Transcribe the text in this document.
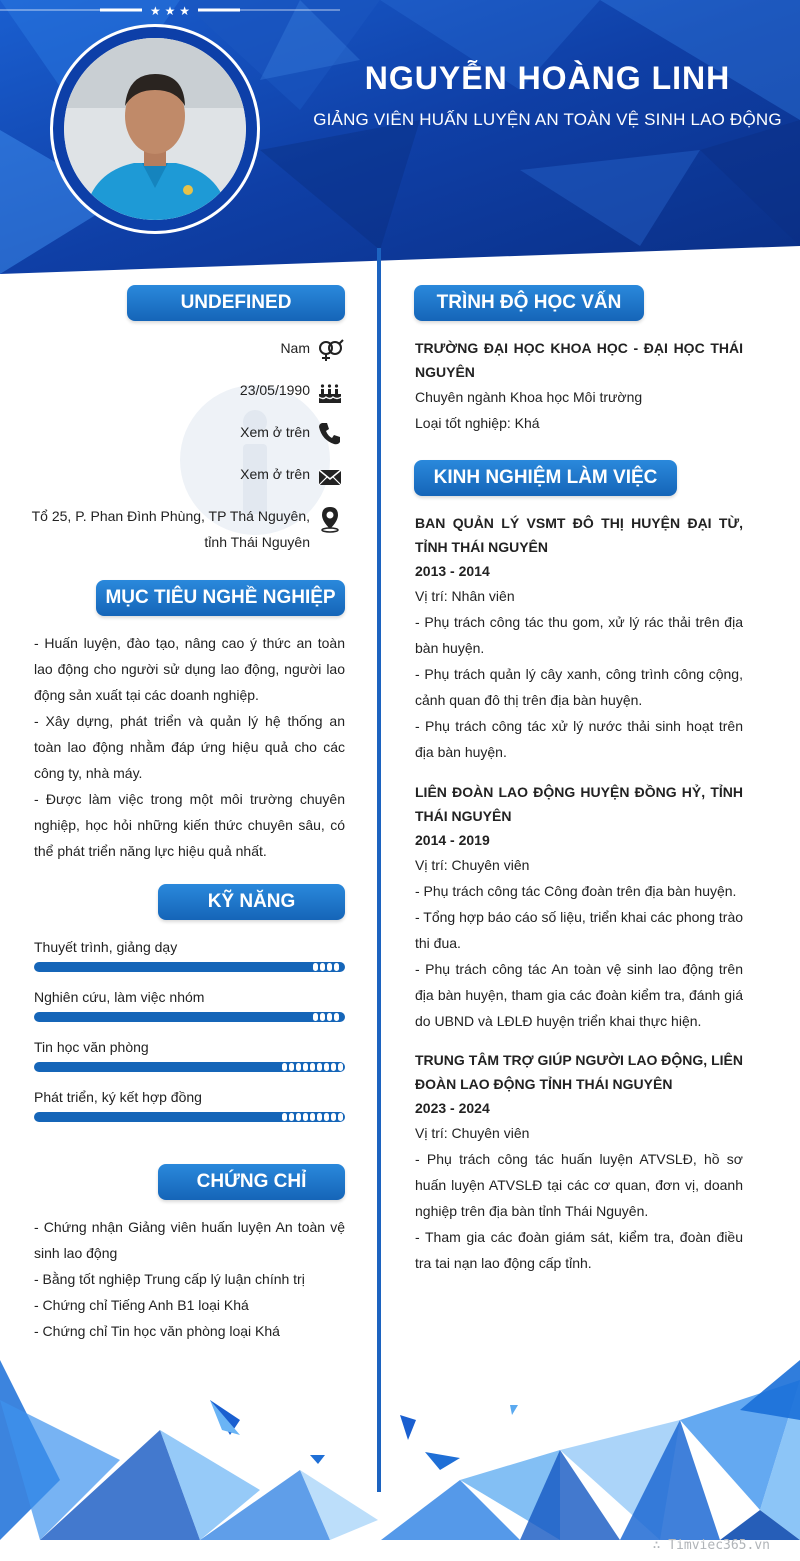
NGUYỄN HOÀNG LINH
GIẢNG VIÊN HUẤN LUYỆN AN TOÀN VỆ SINH LAO ĐỘNG
★ ★ ★
UNDEFINED
Nam
23/05/1990
Xem ở trên
Xem ở trên
Tổ 25, P. Phan Đình Phùng, TP Thá Nguyên,
tỉnh Thái Nguyên
MỤC TIÊU NGHỀ NGHIỆP
- Huấn luyện, đào tạo, nâng cao ý thức an toàn lao động cho người sử dụng lao động, người lao động sản xuất tại các doanh nghiệp.
- Xây dựng, phát triển và quản lý hệ thống an toàn lao động nhằm đáp ứng hiệu quả cho các công ty, nhà máy.
- Được làm việc trong một môi trường chuyên nghiệp, học hỏi những kiến thức chuyên sâu, có thể phát triển năng lực hiệu quả nhất.
KỸ NĂNG
Thuyết trình, giảng dạy
Nghiên cứu, làm việc nhóm
Tin học văn phòng
Phát triển, ký kết hợp đồng
CHỨNG CHỈ
- Chứng nhận Giảng viên huấn luyện An toàn vệ sinh lao động
- Bằng tốt nghiệp Trung cấp lý luận chính trị
- Chứng chỉ Tiếng Anh B1 loại Khá
- Chứng chỉ Tin học văn phòng loại Khá
TRÌNH ĐỘ HỌC VẤN
TRƯỜNG ĐẠI HỌC KHOA HỌC - ĐẠI HỌC THÁI NGUYÊN
Chuyên ngành Khoa học Môi trường
Loại tốt nghiệp: Khá
KINH NGHIỆM LÀM VIỆC
BAN QUẢN LÝ VSMT ĐÔ THỊ HUYỆN ĐẠI TỪ, TỈNH THÁI NGUYÊN
2013 - 2014
Vị trí: Nhân viên
- Phụ trách công tác thu gom, xử lý rác thải trên địa bàn huyện.
- Phụ trách quản lý cây xanh, công trình công cộng, cảnh quan đô thị trên địa bàn huyện.
- Phụ trách công tác xử lý nước thải sinh hoạt trên địa bàn huyện.
LIÊN ĐOÀN LAO ĐỘNG HUYỆN ĐỒNG HỶ, TỈNH THÁI NGUYÊN
2014 - 2019
Vị trí: Chuyên viên
- Phụ trách công tác Công đoàn trên địa bàn huyện.
- Tổng hợp báo cáo số liệu, triển khai các phong trào thi đua.
- Phụ trách công tác An toàn vệ sinh lao động trên địa bàn huyện, tham gia các đoàn kiểm tra, đánh giá do UBND và LĐLĐ huyện triển khai thực hiện.
TRUNG TÂM TRỢ GIÚP NGƯỜI LAO ĐỘNG, LIÊN ĐOÀN LAO ĐỘNG TỈNH THÁI NGUYÊN
2023 - 2024
Vị trí: Chuyên viên
- Phụ trách công tác huấn luyện ATVSLĐ, hồ sơ huấn luyện ATVSLĐ tại các cơ quan, đơn vị, doanh nghiệp trên địa bàn tỉnh Thái Nguyên.
- Tham gia các đoàn giám sát, kiểm tra, đoàn điều tra tai nạn lao động cấp tỉnh.
∴ Timviec365.vn
